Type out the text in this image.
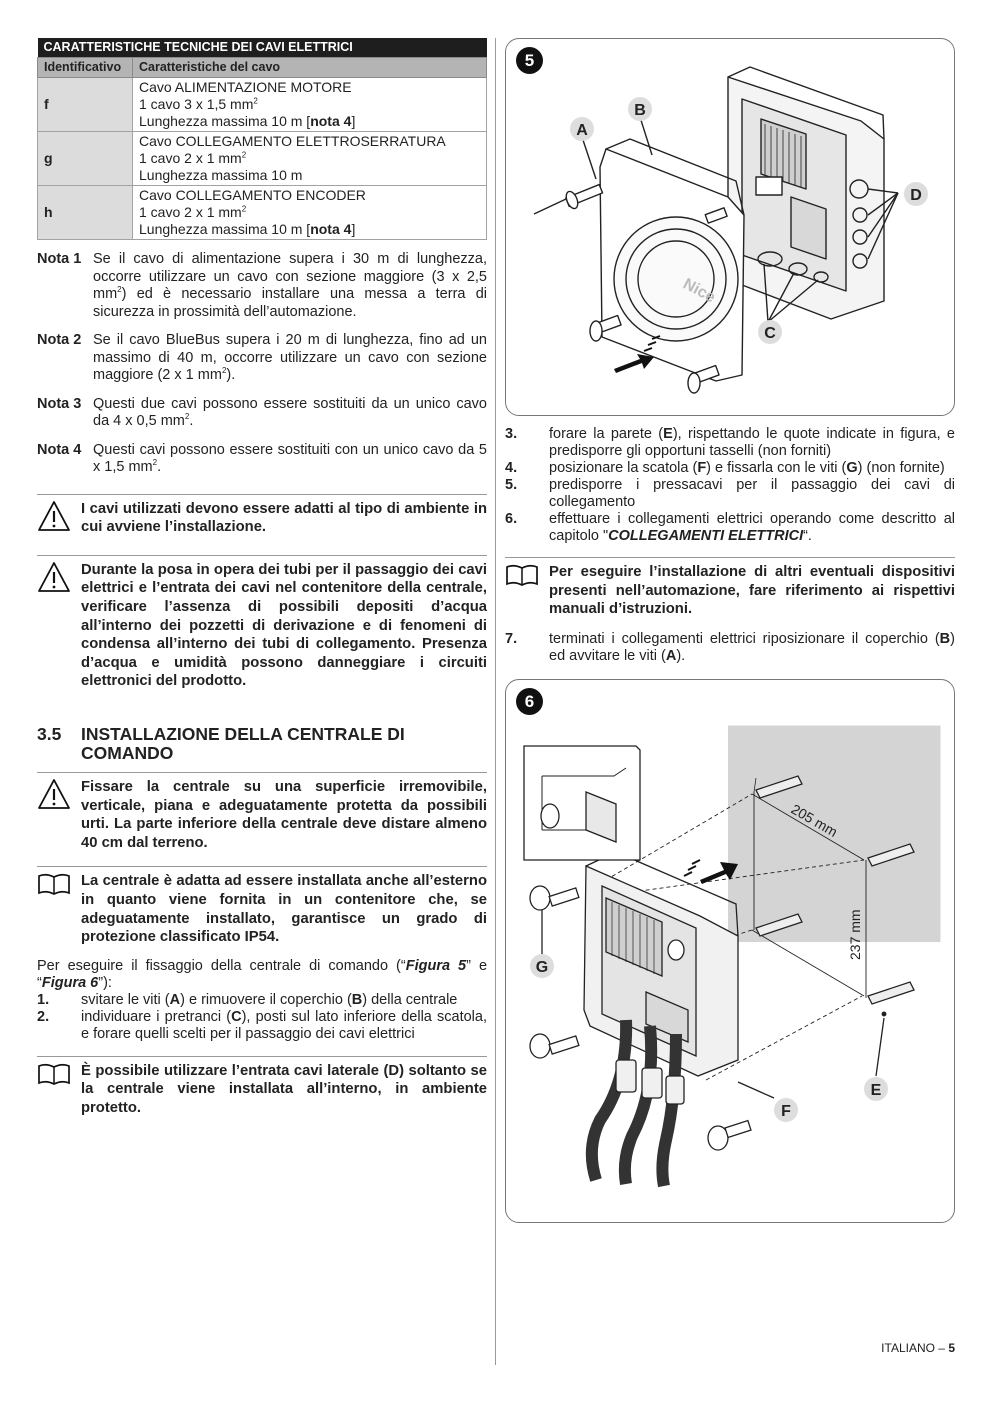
CARATTERISTICHE TECNICHE DEI CAVI ELETTRICI	
Identificativo	Caratteristiche del cavo
f	Cavo ALIMENTAZIONE MOTORE
1 cavo 3 x 1,5 $mm^2$
Lunghezza massima 10 m [nota 4]

g	Cavo COLLEGAMENTO ELETTROSERRATURA
1 cavo 2 x 1 $mm^2$
Lunghezza massima 10 m

h	Cavo COLLEGAMENTO ENCODER
1 cavo 2 x 1 $mm^2$
Lunghezza massima 10 m [nota 4]
Nota 1 Se il cavo di alimentazione supera i 30 m di lunghezza, occorre utilizzare un cavo con sezione maggiore (3 x 2,5 $mm^2$) ed è necessario installare una messa a terra di sicurezza in prossimità dell’automazione.
Nota 2 Se il cavo BlueBus supera i 20 m di lunghezza, fino ad un massimo di 40 m, occorre utilizzare un cavo con sezione maggiore (2 x 1 $mm^2$).
Nota 3 Questi due cavi possono essere sostituiti da un unico cavo da 4 x 0,5 $mm^2$.
Nota 4 Questi cavi possono essere sostituiti con un unico cavo da 5 x 1,5 $mm^2$.
I cavi utilizzati devono essere adatti al tipo di ambiente in cui avviene l’installazione.
Durante la posa in opera dei tubi per il passaggio dei cavi elettrici e l’entrata dei cavi nel contenitore della centrale, verificare l’assenza di possibili depositi d’acqua all’interno dei pozzetti di derivazione e di fenomeni di condensa all’interno dei tubi di collegamento. Presenza d’acqua e umidità possono danneggiare i circuiti elettronici del prodotto.
3.5	INSTALLAZIONE DELLA CENTRALE DI COMANDO
Fissare la centrale su una superficie irremovibile, verticale, piana e adeguatamente protetta da possibili urti. La parte inferiore della centrale deve distare almeno 40 cm dal terreno.
La centrale è adatta ad essere installata anche all’esterno in quanto viene fornita in un contenitore che, se adeguatamente installato, garantisce un grado di protezione classificato IP54.
Per eseguire il fissaggio della centrale di comando (“Figura 5” e “Figura 6”):
1.	svitare le viti (A) e rimuovere il coperchio (B) della centrale
2.	individuare i pretranci (C), posti sul lato inferiore della scatola, e forare quelli scelti per il passaggio dei cavi elettrici
È possibile utilizzare l’entrata cavi laterale (D) soltanto se la centrale viene installata all’interno, in ambiente protetto.
5
A
B
D
C
Nice
3.	forare la parete (E), rispettando le quote indicate in figura, e predisporre gli opportuni tasselli (non forniti)
4.	posizionare la scatola (F) e fissarla con le viti (G) (non fornite)
5.	predisporre i pressacavi per il passaggio dei cavi di collegamento
6.	effettuare i collegamenti elettrici operando come descritto al capitolo "COLLEGAMENTI ELETTRICI“.
Per eseguire l’installazione di altri eventuali dispositivi presenti nell’automazione, fare riferimento ai rispettivi manuali d’istruzioni.
7.	terminati i collegamenti elettrici riposizionare il coperchio (B) ed avvitare le viti (A).
6
205 mm
237 mm
G
F
E
ITALIANO – 5
